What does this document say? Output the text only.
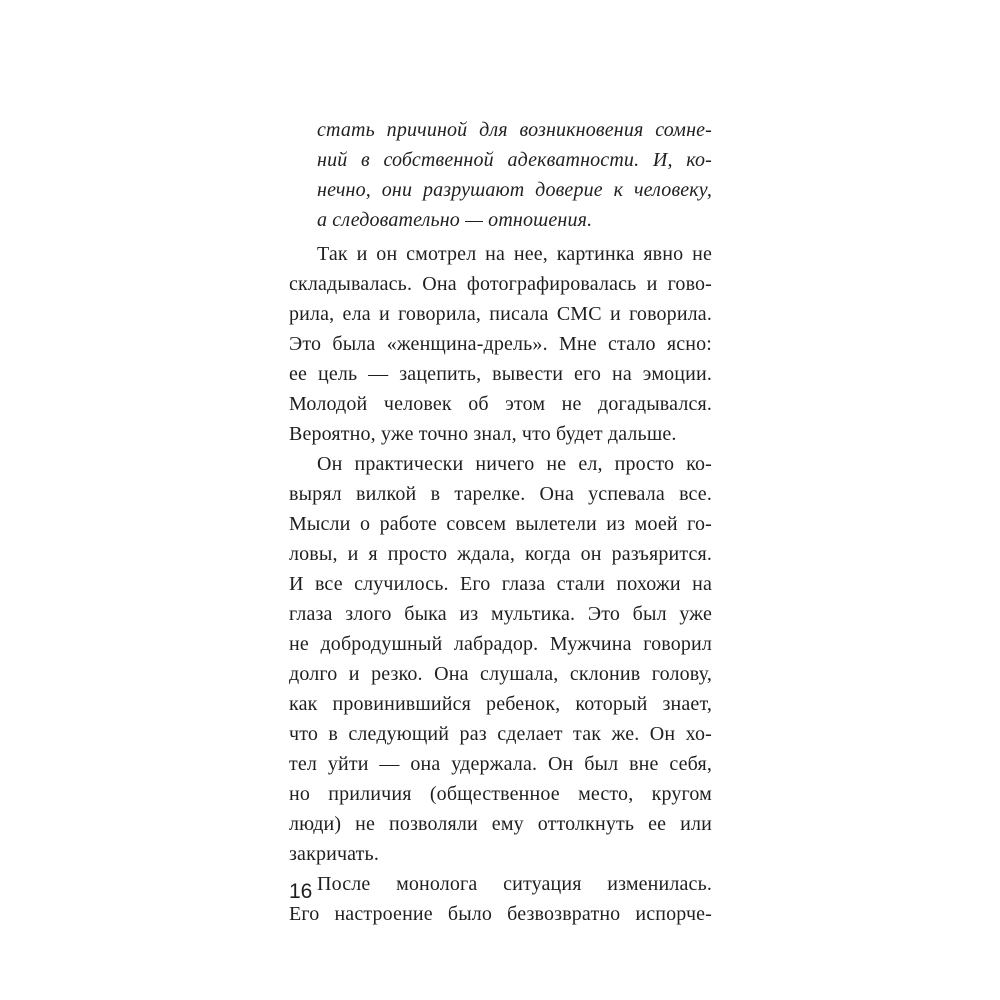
стать причиной для возникновения сомне-
ний в собственной адекватности. И, ко-
нечно, они разрушают доверие к человеку,
а следовательно — отношения.
Так и он смотрел на нее, картинка явно не
складывалась. Она фотографировалась и гово-
рила, ела и говорила, писала СМС и говорила.
Это была «женщина-дрель». Мне стало ясно:
ее цель — зацепить, вывести его на эмоции.
Молодой человек об этом не догадывался.
Вероятно, уже точно знал, что будет дальше.
Он практически ничего не ел, просто ко-
вырял вилкой в тарелке. Она успевала все.
Мысли о работе совсем вылетели из моей го-
ловы, и я просто ждала, когда он разъярится.
И все случилось. Его глаза стали похожи на
глаза злого быка из мультика. Это был уже
не добродушный лабрадор. Мужчина говорил
долго и резко. Она слушала, склонив голову,
как провинившийся ребенок, который знает,
что в следующий раз сделает так же. Он хо-
тел уйти — она удержала. Он был вне себя,
но приличия (общественное место, кругом
люди) не позволяли ему оттолкнуть ее или
закричать.
После монолога ситуация изменилась.
Его настроение было безвозвратно испорче-
16
